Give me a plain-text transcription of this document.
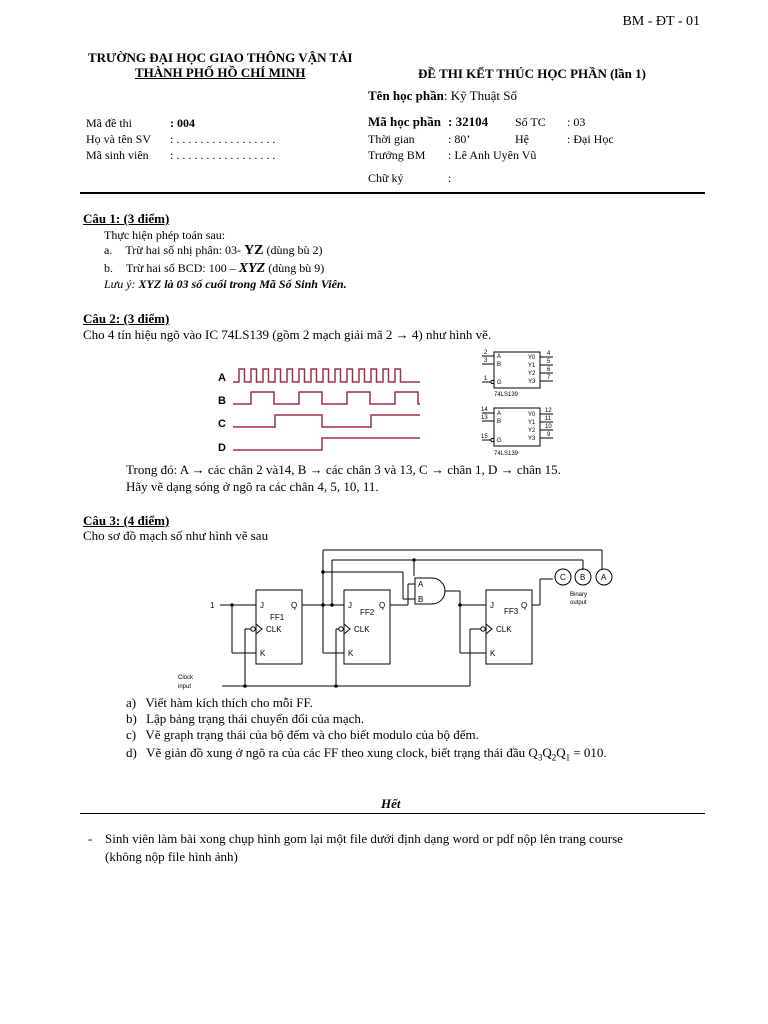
BM - ĐT - 01
TRƯỜNG ĐẠI HỌC GIAO THÔNG VẬN TẢI
THÀNH PHỐ HỒ CHÍ MINH	ĐỀ THI KẾT THÚC HỌC PHẦN (lần 1)
Tên học phần: Kỹ Thuật Số
Mã đề thi	: 004
Họ và tên SV : . . . . . . . . . . . . . . . . .
Mã sinh viên : . . . . . . . . . . . . . . . . .
Mã học phần : 32104 Số TC : 03
Thời gian	: 80’	Hệ	: Đại Học
Trưởng BM : Lê Anh Uyên Vũ
Chữ ký	:
Câu 1: (3 điểm)
Thực hiện phép toán sau:
a. Trừ hai số nhị phân: 03- YZ (dùng bù 2)
b. Trừ hai số BCD: 100 – XYZ (dùng bù 9)
Lưu ý: XYZ là 03 số cuối trong Mã Số Sinh Viên.
Câu 2: (3 điểm)
Cho 4 tín hiệu ngõ vào IC 74LS139 (gồm 2 mạch giải mã 2 → 4) như hình vẽ.
A
B
C
D
2
3
1
A
B
G
Y0
Y1
Y2
Y3
4
5
6
7
74LS139
14
13
15
A
B
G
Y0
Y1
Y2
Y3
12
11
10
9
74LS139
Trong đó: A → các chân 2 và14, B → các chân 3 và 13, C → chân 1, D → chân 15.
Hãy vẽ dạng sóng ở ngõ ra các chân 4, 5, 10, 11.
Câu 3: (4 điểm)
Cho sơ đồ mạch số như hình vẽ sau
1	J
K
Q
CLK
FF1
J
K
Q
CLK
FF2
J
K
Q
CLK
FF3
A
B
C B A
Binary
output
Clock
input
a) Viết hàm kích thích cho mỗi FF.
b) Lập bảng trạng thái chuyển đổi của mạch.
c) Vẽ graph trạng thái của bộ đếm và cho biết modulo của bộ đếm.
d) Vẽ giản đồ xung ở ngõ ra của các FF theo xung clock, biết trạng thái đầu $Q_3Q_2Q_1 = 010$.
Hết
- Sinh viên làm bài xong chụp hình gom lại một file dưới định dạng word or pdf nộp lên trang course
(không nộp file hình ảnh)
